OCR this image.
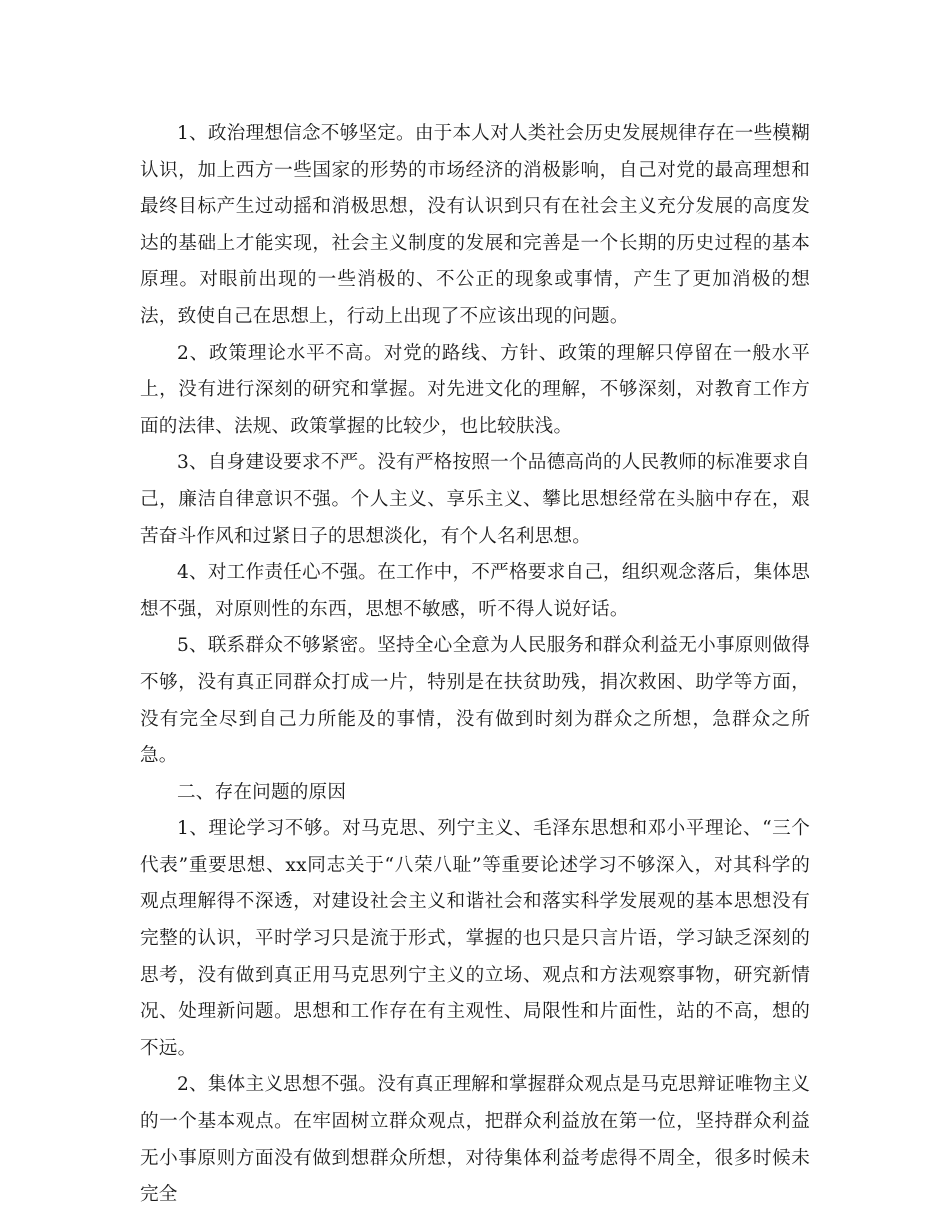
1、政治理想信念不够坚定。由于本人对人类社会历史发展规律存在一些模糊认识，加上西方一些国家的形势的市场经济的消极影响，自己对党的最高理想和最终目标产生过动摇和消极思想，没有认识到只有在社会主义充分发展的高度发达的基础上才能实现，社会主义制度的发展和完善是一个长期的历史过程的基本原理。对眼前出现的一些消极的、不公正的现象或事情，产生了更加消极的想法，致使自己在思想上，行动上出现了不应该出现的问题。

2、政策理论水平不高。对党的路线、方针、政策的理解只停留在一般水平上，没有进行深刻的研究和掌握。对先进文化的理解，不够深刻，对教育工作方面的法律、法规、政策掌握的比较少，也比较肤浅。

3、自身建设要求不严。没有严格按照一个品德高尚的人民教师的标准要求自己，廉洁自律意识不强。个人主义、享乐主义、攀比思想经常在头脑中存在，艰苦奋斗作风和过紧日子的思想淡化，有个人名利思想。

4、对工作责任心不强。在工作中，不严格要求自己，组织观念落后，集体思想不强，对原则性的东西，思想不敏感，听不得人说好话。

5、联系群众不够紧密。坚持全心全意为人民服务和群众利益无小事原则做得不够，没有真正同群众打成一片，特别是在扶贫助残，捐次救困、助学等方面，没有完全尽到自己力所能及的事情，没有做到时刻为群众之所想，急群众之所急。

二、存在问题的原因

1、理论学习不够。对马克思、列宁主义、毛泽东思想和邓小平理论、“三个代表”重要思想、xx同志关于“八荣八耻”等重要论述学习不够深入，对其科学的观点理解得不深透，对建设社会主义和谐社会和落实科学发展观的基本思想没有完整的认识，平时学习只是流于形式，掌握的也只是只言片语，学习缺乏深刻的思考，没有做到真正用马克思列宁主义的立场、观点和方法观察事物，研究新情况、处理新问题。思想和工作存在有主观性、局限性和片面性，站的不高，想的不远。

2、集体主义思想不强。没有真正理解和掌握群众观点是马克思辩证唯物主义的一个基本观点。在牢固树立群众观点，把群众利益放在第一位，坚持群众利益无小事原则方面没有做到想群众所想，对待集体利益考虑得不周全，很多时候未完全
